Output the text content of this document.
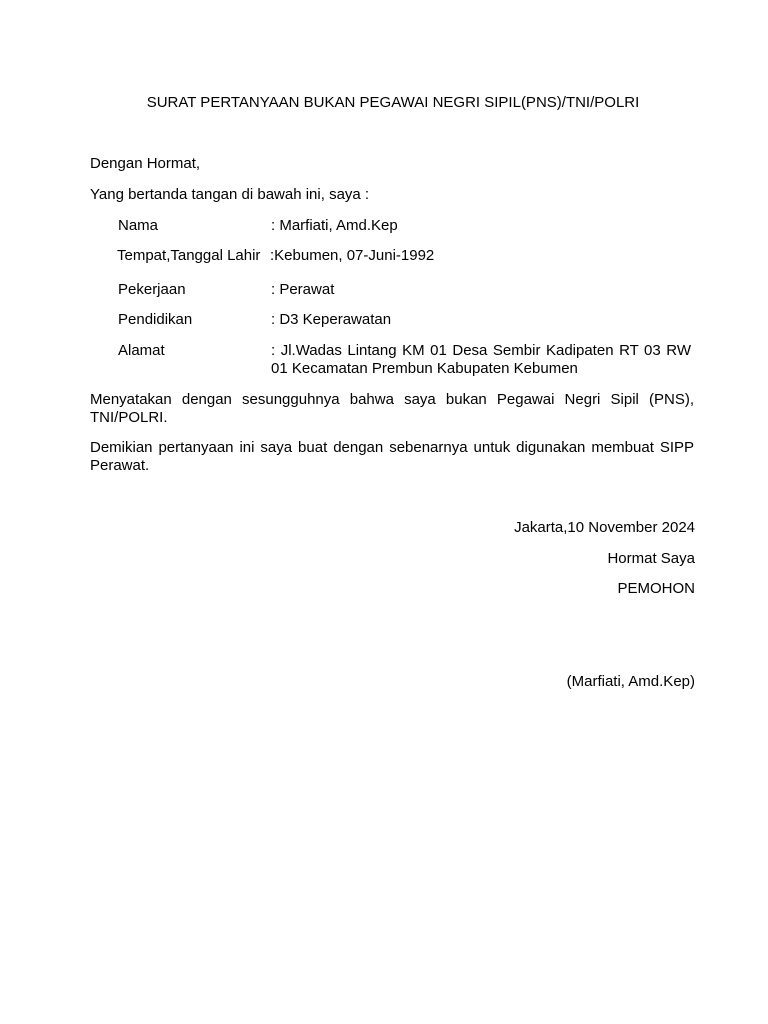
SURAT PERTANYAAN BUKAN PEGAWAI NEGRI SIPIL(PNS)/TNI/POLRI
Dengan Hormat,
Yang bertanda tangan di bawah ini, saya :
Nama	: Marfiati, Amd.Kep
Tempat,Tanggal Lahir :Kebumen, 07-Juni-1992
Pekerjaan	: Perawat
Pendidikan	: D3 Keperawatan
Alamat	: Jl.Wadas Lintang KM 01 Desa Sembir Kadipaten RT 03 RW 01 Kecamatan Prembun Kabupaten Kebumen
Menyatakan dengan sesungguhnya bahwa saya bukan Pegawai Negri Sipil (PNS), TNI/POLRI.
Demikian pertanyaan ini saya buat dengan sebenarnya untuk digunakan membuat SIPP Perawat.
Jakarta,10 November 2024
Hormat Saya
PEMOHON
(Marfiati, Amd.Kep)
